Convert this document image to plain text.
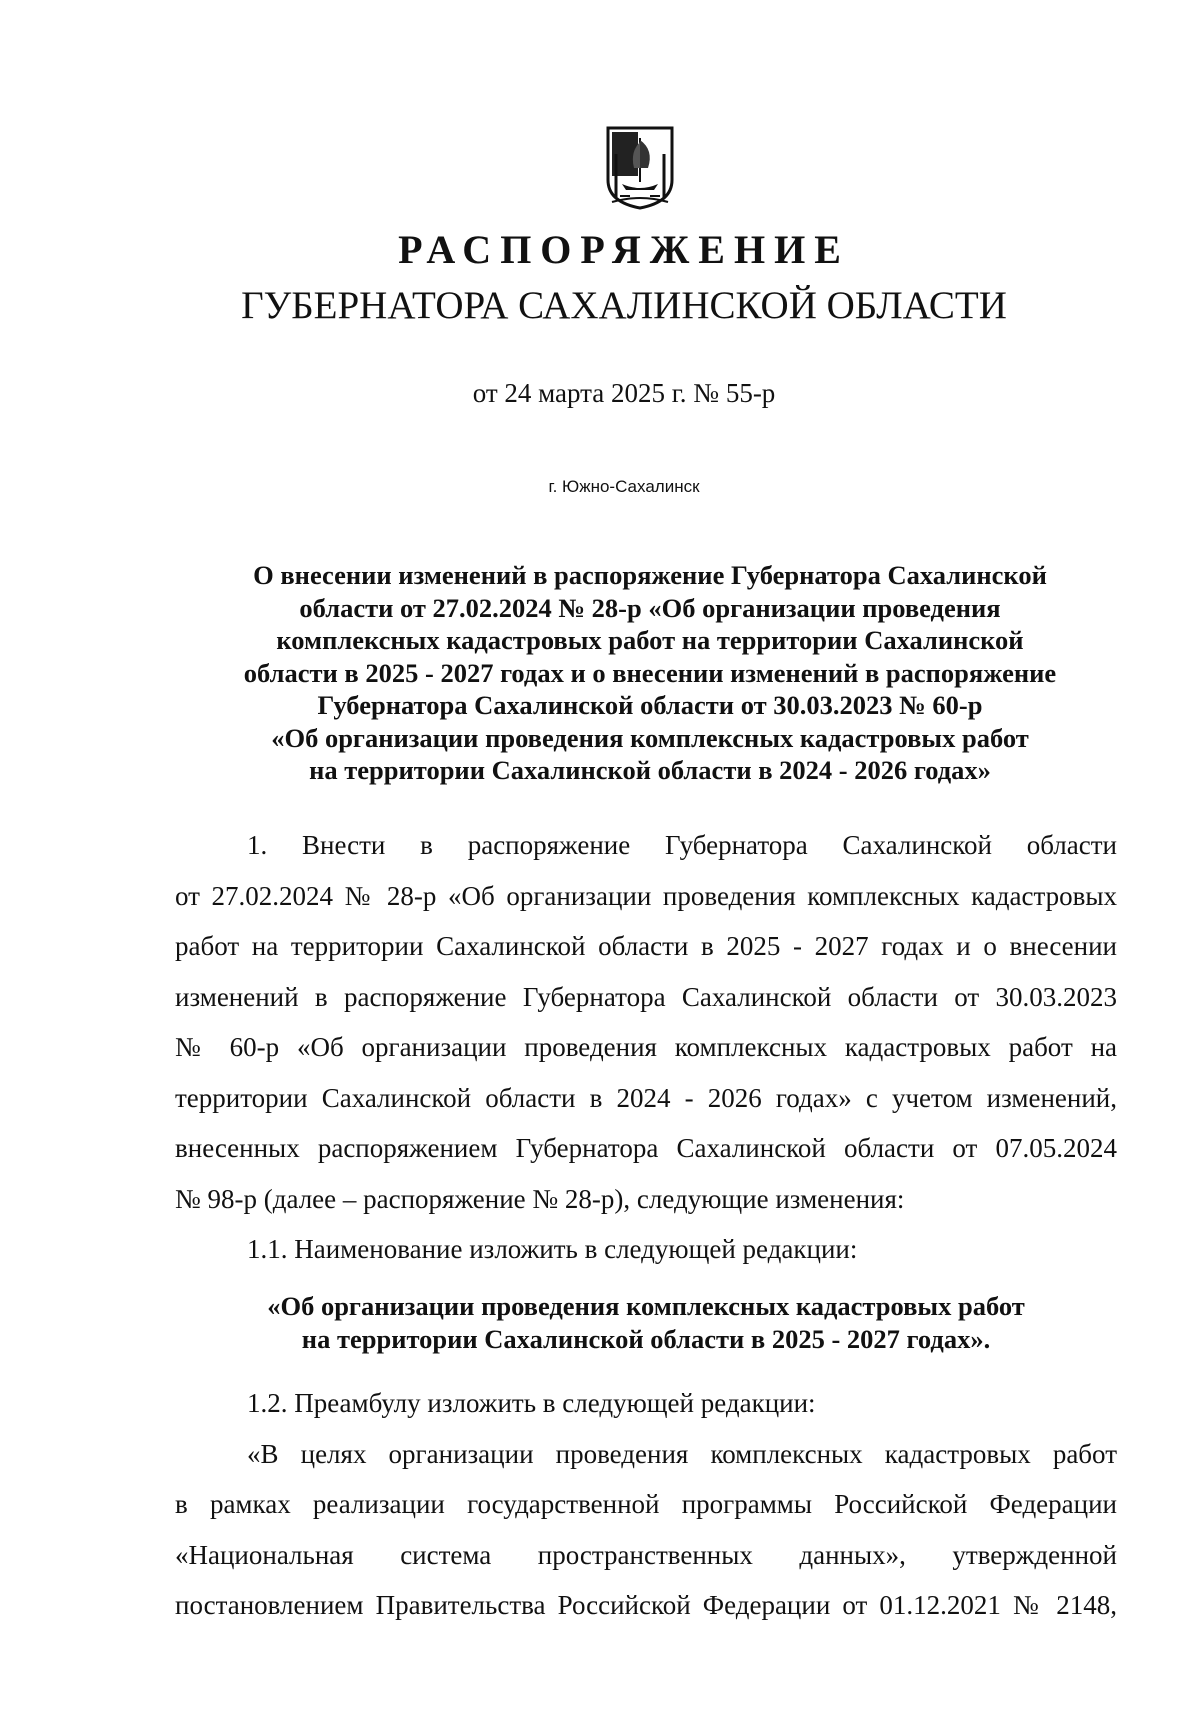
РАСПОРЯЖЕНИЕ
ГУБЕРНАТОРА САХАЛИНСКОЙ ОБЛАСТИ
от 24 марта 2025 г. № 55-р
г. Южно-Сахалинск
О внесении изменений в распоряжение Губернатора Сахалинской
области от 27.02.2024 № 28-р «Об организации проведения
комплексных кадастровых работ на территории Сахалинской
области в 2025 - 2027 годах и о внесении изменений в распоряжение
Губернатора Сахалинской области от 30.03.2023 № 60-р
«Об организации проведения комплексных кадастровых работ
на территории Сахалинской области в 2024 - 2026 годах»
1. Внести в распоряжение Губернатора Сахалинской области
от 27.02.2024 № 28-р «Об организации проведения комплексных кадастровых
работ на территории Сахалинской области в 2025 - 2027 годах и о внесении
изменений в распоряжение Губернатора Сахалинской области от 30.03.2023
№ 60-р «Об организации проведения комплексных кадастровых работ на
территории Сахалинской области в 2024 - 2026 годах» с учетом изменений,
внесенных распоряжением Губернатора Сахалинской области от 07.05.2024
№ 98-р (далее – распоряжение № 28-р), следующие изменения:
1.1. Наименование изложить в следующей редакции:
«Об организации проведения комплексных кадастровых работ
на территории Сахалинской области в 2025 - 2027 годах».
1.2. Преамбулу изложить в следующей редакции:
«В целях организации проведения комплексных кадастровых работ
в рамках реализации государственной программы Российской Федерации
«Национальная система пространственных данных», утвержденной
постановлением Правительства Российской Федерации от 01.12.2021 № 2148,
